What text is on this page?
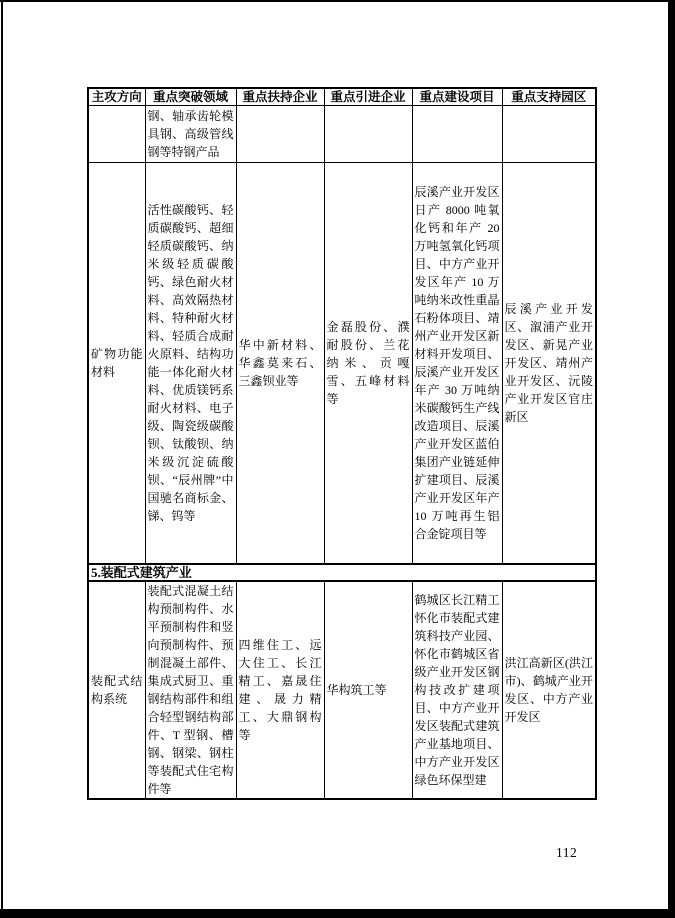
主攻方向	重点突破领域	重点扶持企业	重点引进企业	重点建设项目	重点支持园区
	钢、轴承齿轮模具钢、高级管线钢等特钢产品				
矿物功能材料	活性碳酸钙、轻质碳酸钙、超细轻质碳酸钙、纳米级轻质碳酸钙、绿色耐火材料、高效隔热材料、特种耐火材料、轻质合成耐火原料、结构功能一体化耐火材料、优质镁钙系耐火材料、电子级、陶瓷级碳酸钡、钛酸钡、纳米级沉淀硫酸钡、“辰州牌”中国驰名商标金、锑、钨等	华中新材料、华鑫莫来石、三鑫钡业等	金磊股份、濮耐股份、兰花纳米、贡嘎雪、五峰材料等	辰溪产业开发区日产 8000 吨氧化钙和年产 20 万吨氢氧化钙项目、中方产业开发区年产 10 万吨纳米改性重晶石粉体项目、靖州产业开发区新材料开发项目、辰溪产业开发区年产 30 万吨纳米碳酸钙生产线改造项目、辰溪产业开发区蓝伯集团产业链延伸扩建项目、辰溪产业开发区年产 10 万吨再生铝合金锭项目等	辰溪产业开发区、溆浦产业开发区、新晃产业开发区、靖州产业开发区、沅陵产业开发区官庄新区
5.装配式建筑产业					
装配式结构系统	装配式混凝土结构预制构件、水平预制构件和竖向预制构件、预制混凝土部件、集成式厨卫、重钢结构部件和组合轻型钢结构部件、T 型钢、槽钢、钢梁、钢柱等装配式住宅构件等	四维住工、远大住工、长江精工、嘉晟住建、晟力精工、大鼎钢构等	华构筑工等	鹤城区长江精工怀化市装配式建筑科技产业园、怀化市鹤城区省级产业开发区钢构技改扩建项目、中方产业开发区装配式建筑产业基地项目、中方产业开发区绿色环保型建	洪江高新区(洪江市)、鹤城产业开发区、中方产业开发区
112
